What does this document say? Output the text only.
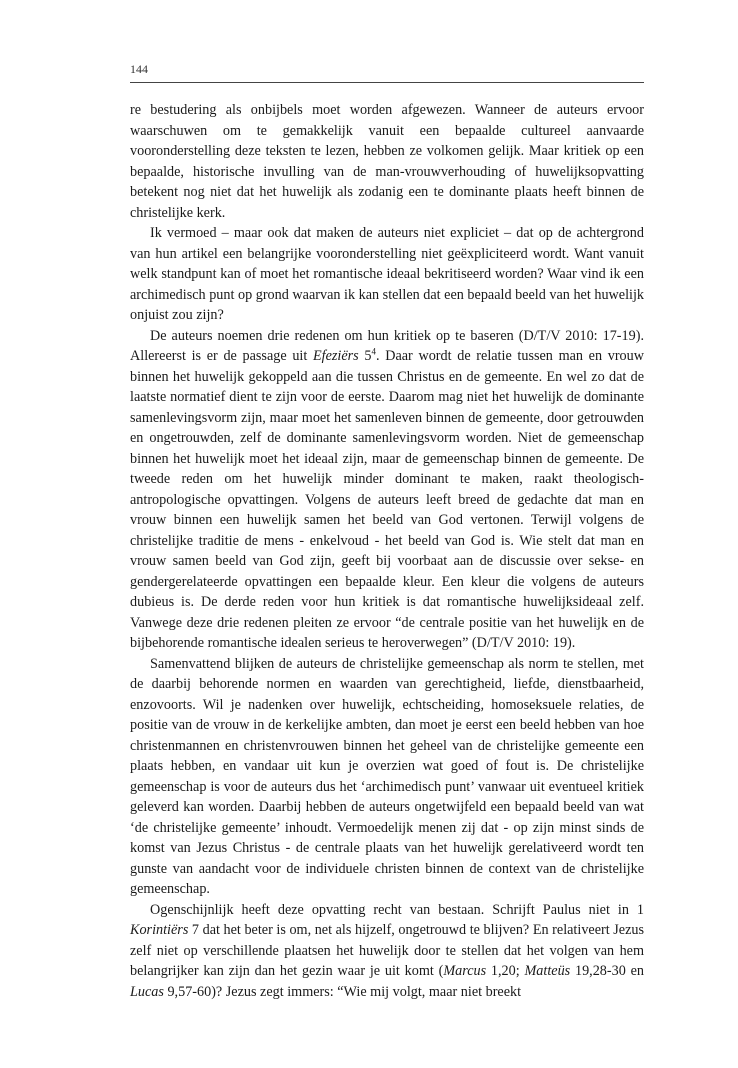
144

re bestudering als onbijbels moet worden afgewezen. Wanneer de auteurs ervoor waarschuwen om te gemakkelijk vanuit een bepaalde cultureel aanvaarde vooronderstelling deze teksten te lezen, hebben ze volkomen gelijk. Maar kritiek op een bepaalde, historische invulling van de man-vrouwverhouding of huwelijksopvatting betekent nog niet dat het huwelijk als zodanig een te dominante plaats heeft binnen de christelijke kerk.

Ik vermoed – maar ook dat maken de auteurs niet expliciet – dat op de achtergrond van hun artikel een belangrijke vooronderstelling niet geëxpliciteerd wordt. Want vanuit welk standpunt kan of moet het romantische ideaal bekritiseerd worden? Waar vind ik een archimedisch punt op grond waarvan ik kan stellen dat een bepaald beeld van het huwelijk onjuist zou zijn?

De auteurs noemen drie redenen om hun kritiek op te baseren (D/T/V 2010: 17-19). Allereerst is er de passage uit Efeziërs $5^4$. Daar wordt de relatie tussen man en vrouw binnen het huwelijk gekoppeld aan die tussen Christus en de gemeente. En wel zo dat de laatste normatief dient te zijn voor de eerste. Daarom mag niet het huwelijk de dominante samenlevingsvorm zijn, maar moet het samenleven binnen de gemeente, door getrouwden en ongetrouwden, zelf de dominante samenlevingsvorm worden. Niet de gemeenschap binnen het huwelijk moet het ideaal zijn, maar de gemeenschap binnen de gemeente. De tweede reden om het huwelijk minder dominant te maken, raakt theologisch-antropologische opvattingen. Volgens de auteurs leeft breed de gedachte dat man en vrouw binnen een huwelijk samen het beeld van God vertonen. Terwijl volgens de christelijke traditie de mens - enkelvoud - het beeld van God is. Wie stelt dat man en vrouw samen beeld van God zijn, geeft bij voorbaat aan de discussie over sekse- en gendergerelateerde opvattingen een bepaalde kleur. Een kleur die volgens de auteurs dubieus is. De derde reden voor hun kritiek is dat romantische huwelijksideaal zelf. Vanwege deze drie redenen pleiten ze ervoor “de centrale positie van het huwelijk en de bijbehorende romantische idealen serieus te heroverwegen” (D/T/V 2010: 19).

Samenvattend blijken de auteurs de christelijke gemeenschap als norm te stellen, met de daarbij behorende normen en waarden van gerechtigheid, liefde, dienstbaarheid, enzovoorts. Wil je nadenken over huwelijk, echtscheiding, homoseksuele relaties, de positie van de vrouw in de kerkelijke ambten, dan moet je eerst een beeld hebben van hoe christenmannen en christenvrouwen binnen het geheel van de christelijke gemeente een plaats hebben, en vandaar uit kun je overzien wat goed of fout is. De christelijke gemeenschap is voor de auteurs dus het ‘archimedisch punt’ vanwaar uit eventueel kritiek geleverd kan worden. Daarbij hebben de auteurs ongetwijfeld een bepaald beeld van wat ‘de christelijke gemeente’ inhoudt. Vermoedelijk menen zij dat - op zijn minst sinds de komst van Jezus Christus - de centrale plaats van het huwelijk gerelativeerd wordt ten gunste van aandacht voor de individuele christen binnen de context van de christelijke gemeenschap.

Ogenschijnlijk heeft deze opvatting recht van bestaan. Schrijft Paulus niet in 1 Korintiërs 7 dat het beter is om, net als hijzelf, ongetrouwd te blijven? En relativeert Jezus zelf niet op verschillende plaatsen het huwelijk door te stellen dat het volgen van hem belangrijker kan zijn dan het gezin waar je uit komt (Marcus 1,20; Matteüs 19,28-30 en Lucas 9,57-60)? Jezus zegt immers: “Wie mij volgt, maar niet breekt
